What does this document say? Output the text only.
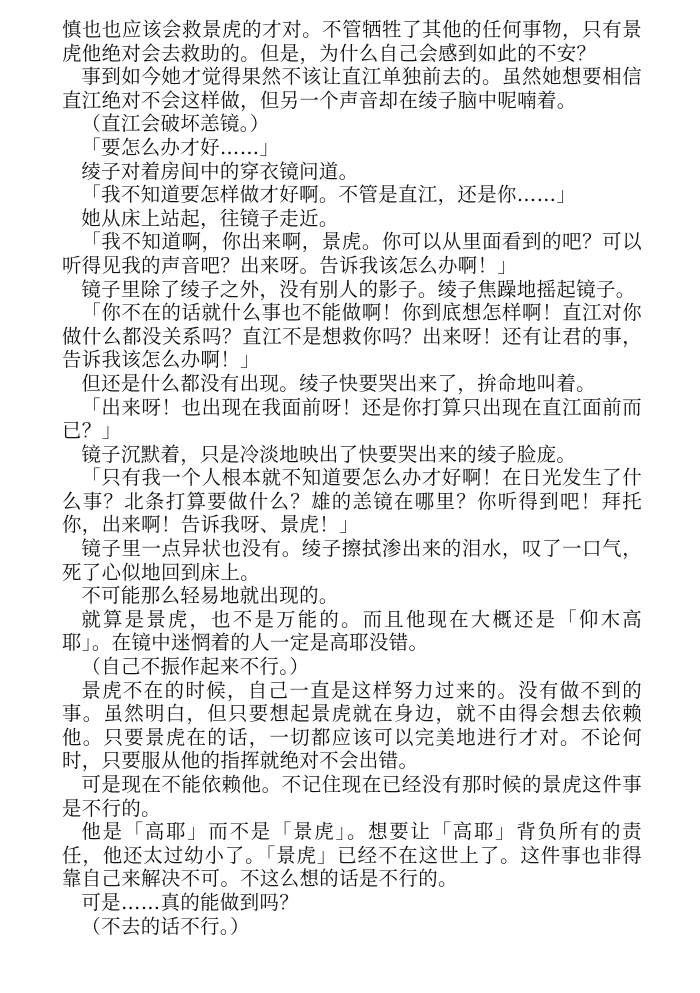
慎也也应该会救景虎的才对。不管牺牲了其他的任何事物，只有景虎他绝对会去救助的。但是，为什么自己会感到如此的不安？

事到如今她才觉得果然不该让直江单独前去的。虽然她想要相信直江绝对不会这样做，但另一个声音却在绫子脑中呢喃着。

（直江会破坏恙镜。）

「要怎么办才好……」

绫子对着房间中的穿衣镜问道。

「我不知道要怎样做才好啊。不管是直江，还是你……」

她从床上站起，往镜子走近。

「我不知道啊，你出来啊，景虎。你可以从里面看到的吧？可以听得见我的声音吧？出来呀。告诉我该怎么办啊！」

镜子里除了绫子之外，没有别人的影子。绫子焦躁地摇起镜子。

「你不在的话就什么事也不能做啊！你到底想怎样啊！直江对你做什么都没关系吗？直江不是想救你吗？出来呀！还有让君的事，告诉我该怎么办啊！」

但还是什么都没有出现。绫子快要哭出来了，拚命地叫着。

「出来呀！也出现在我面前呀！还是你打算只出现在直江面前而已？」

镜子沉默着，只是冷淡地映出了快要哭出来的绫子脸庞。

「只有我一个人根本就不知道要怎么办才好啊！在日光发生了什么事？北条打算要做什么？雄的恙镜在哪里？你听得到吧！拜托你，出来啊！告诉我呀、景虎！」

镜子里一点异状也没有。绫子擦拭渗出来的泪水，叹了一口气，死了心似地回到床上。

不可能那么轻易地就出现的。

就算是景虎，也不是万能的。而且他现在大概还是「仰木高耶」。在镜中迷惘着的人一定是高耶没错。

（自己不振作起来不行。）

景虎不在的时候，自己一直是这样努力过来的。没有做不到的事。虽然明白，但只要想起景虎就在身边，就不由得会想去依赖他。只要景虎在的话，一切都应该可以完美地进行才对。不论何时，只要服从他的指挥就绝对不会出错。

可是现在不能依赖他。不记住现在已经没有那时候的景虎这件事是不行的。

他是「高耶」而不是「景虎」。想要让「高耶」背负所有的责任，他还太过幼小了。「景虎」已经不在这世上了。这件事也非得靠自己来解决不可。不这么想的话是不行的。

可是……真的能做到吗？

（不去的话不行。）
